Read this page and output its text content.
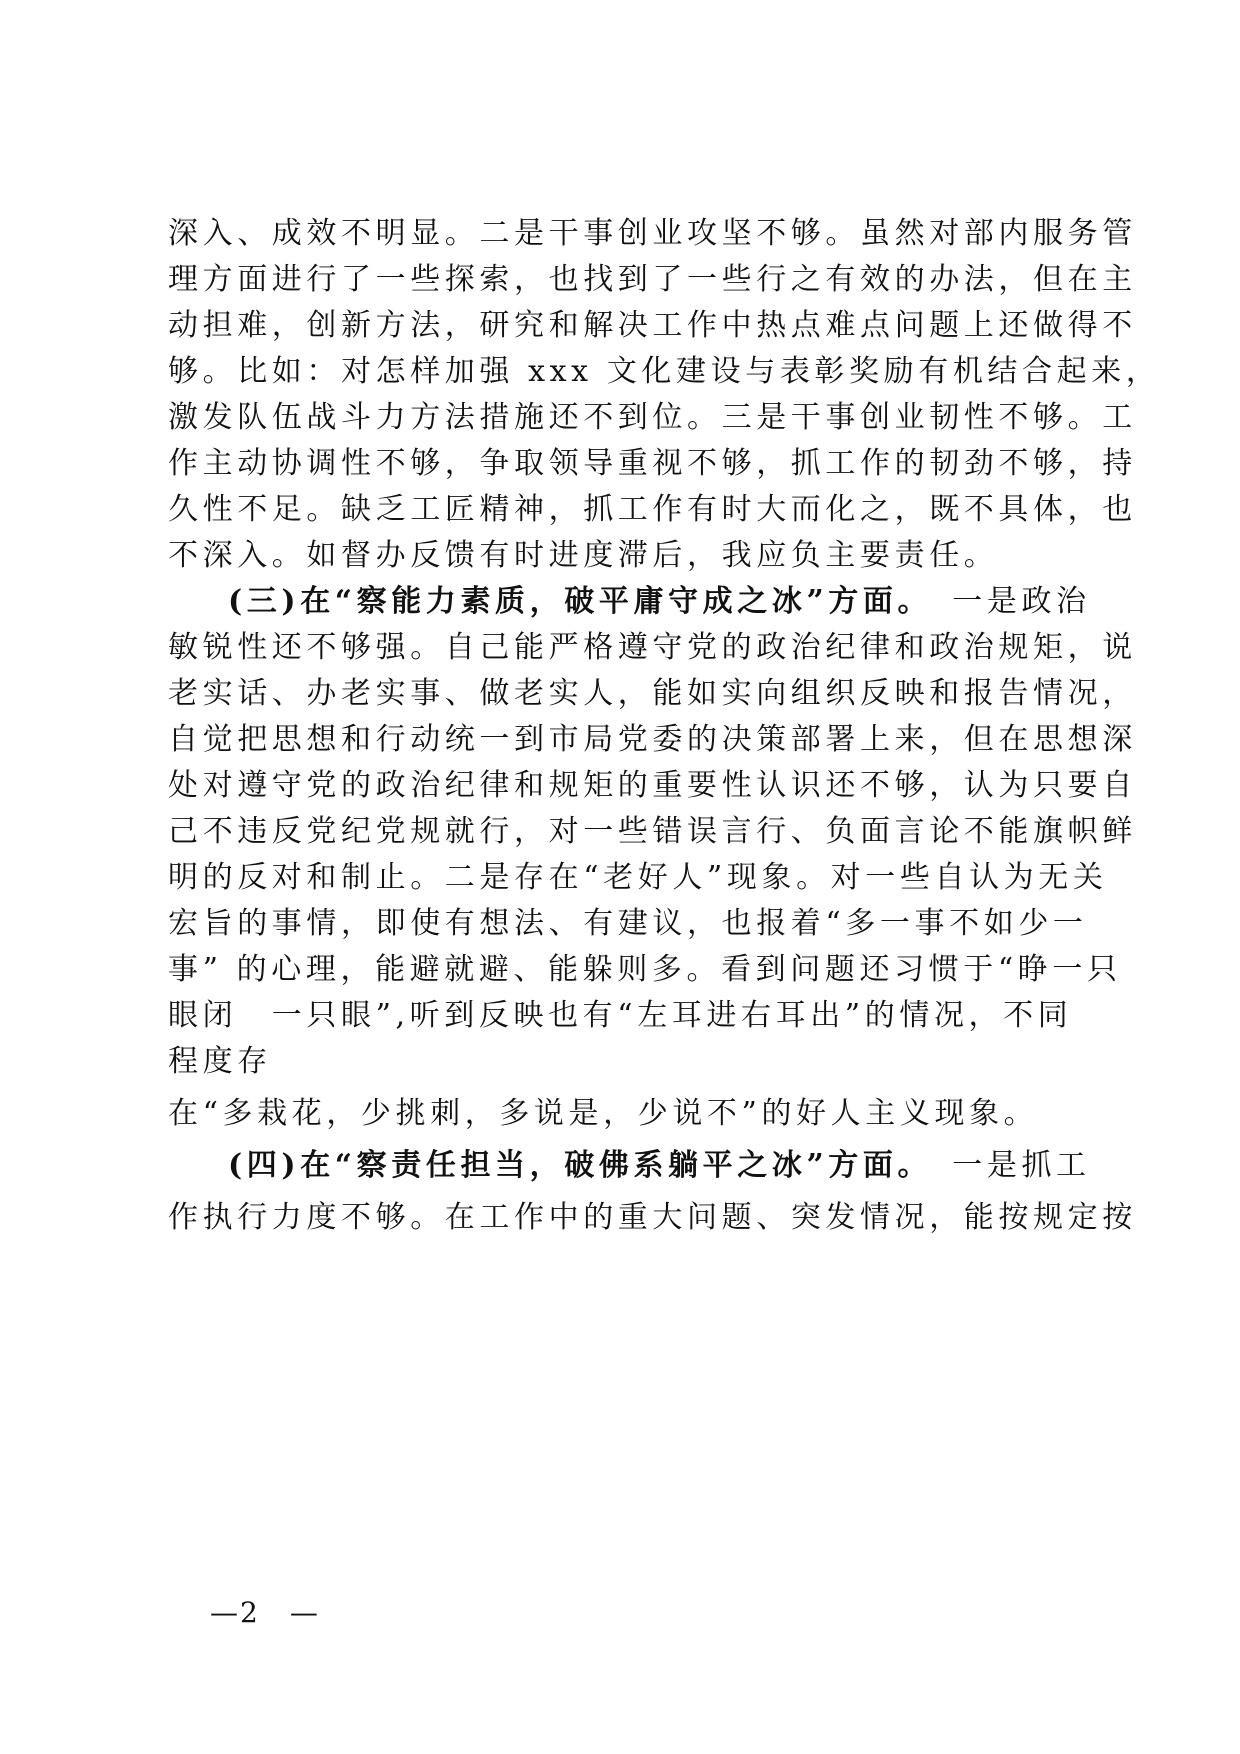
深入、成效不明显。二是干事创业攻坚不够。虽然对部内服务管
理方面进行了一些探索，也找到了一些行之有效的办法，但在主
动担难，创新方法，研究和解决工作中热点难点问题上还做得不
够。比如：对怎样加强 xxx 文化建设与表彰奖励有机结合起来，
激发队伍战斗力方法措施还不到位。三是干事创业韧性不够。工
作主动协调性不够，争取领导重视不够，抓工作的韧劲不够，持
久性不足。缺乏工匠精神，抓工作有时大而化之，既不具体，也
不深入。如督办反馈有时进度滞后，我应负主要责任。
(三)在“察能力素质，破平庸守成之冰”方面。 一是政治
敏锐性还不够强。自己能严格遵守党的政治纪律和政治规矩，说
老实话、办老实事、做老实人，能如实向组织反映和报告情况，
自觉把思想和行动统一到市局党委的决策部署上来，但在思想深
处对遵守党的政治纪律和规矩的重要性认识还不够，认为只要自
己不违反党纪党规就行，对一些错误言行、负面言论不能旗帜鲜
明的反对和制止。二是存在“老好人”现象。对一些自认为无关
宏旨的事情，即使有想法、有建议，也报着“多一事不如少一
事” 的心理，能避就避、能躲则多。看到问题还习惯于“睁一只
眼闭　一只眼”,听到反映也有“左耳进右耳出”的情况，不同
程度存
在“多栽花，少挑刺，多说是，少说不”的好人主义现象。
(四)在“察责任担当，破佛系躺平之冰”方面。 一是抓工
作执行力度不够。在工作中的重大问题、突发情况，能按规定按
—2　—
